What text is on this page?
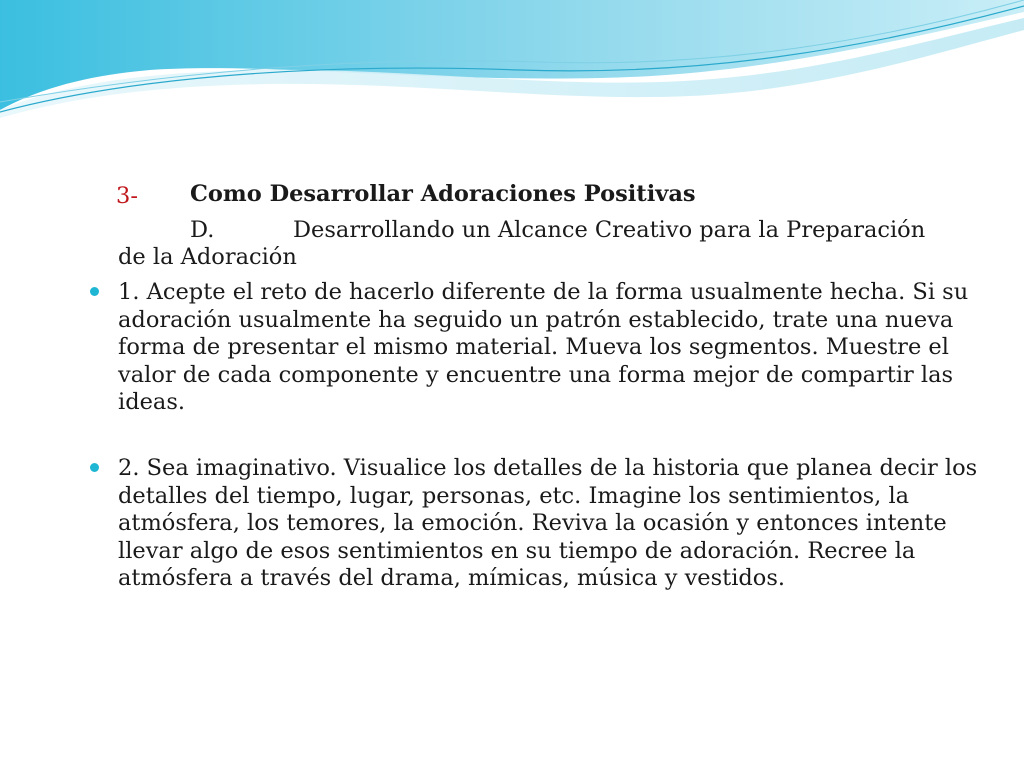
3- Como Desarrollar Adoraciones Positivas
D.	Desarrollando un Alcance Creativo para la Preparación
de la Adoración
1. Acepte el reto de hacerlo diferente de la forma usualmente hecha. Si su adoración usualmente ha seguido un patrón establecido, trate una nueva forma de presentar el mismo material. Mueva los segmentos. Muestre el valor de cada componente y encuentre una forma mejor de compartir las ideas.
2. Sea imaginativo. Visualice los detalles de la historia que planea decir los detalles del tiempo, lugar, personas, etc. Imagine los sentimientos, la atmósfera, los temores, la emoción. Reviva la ocasión y entonces intente llevar algo de esos sentimientos en su tiempo de adoración. Recree la atmósfera a través del drama, mímicas, música y vestidos.
